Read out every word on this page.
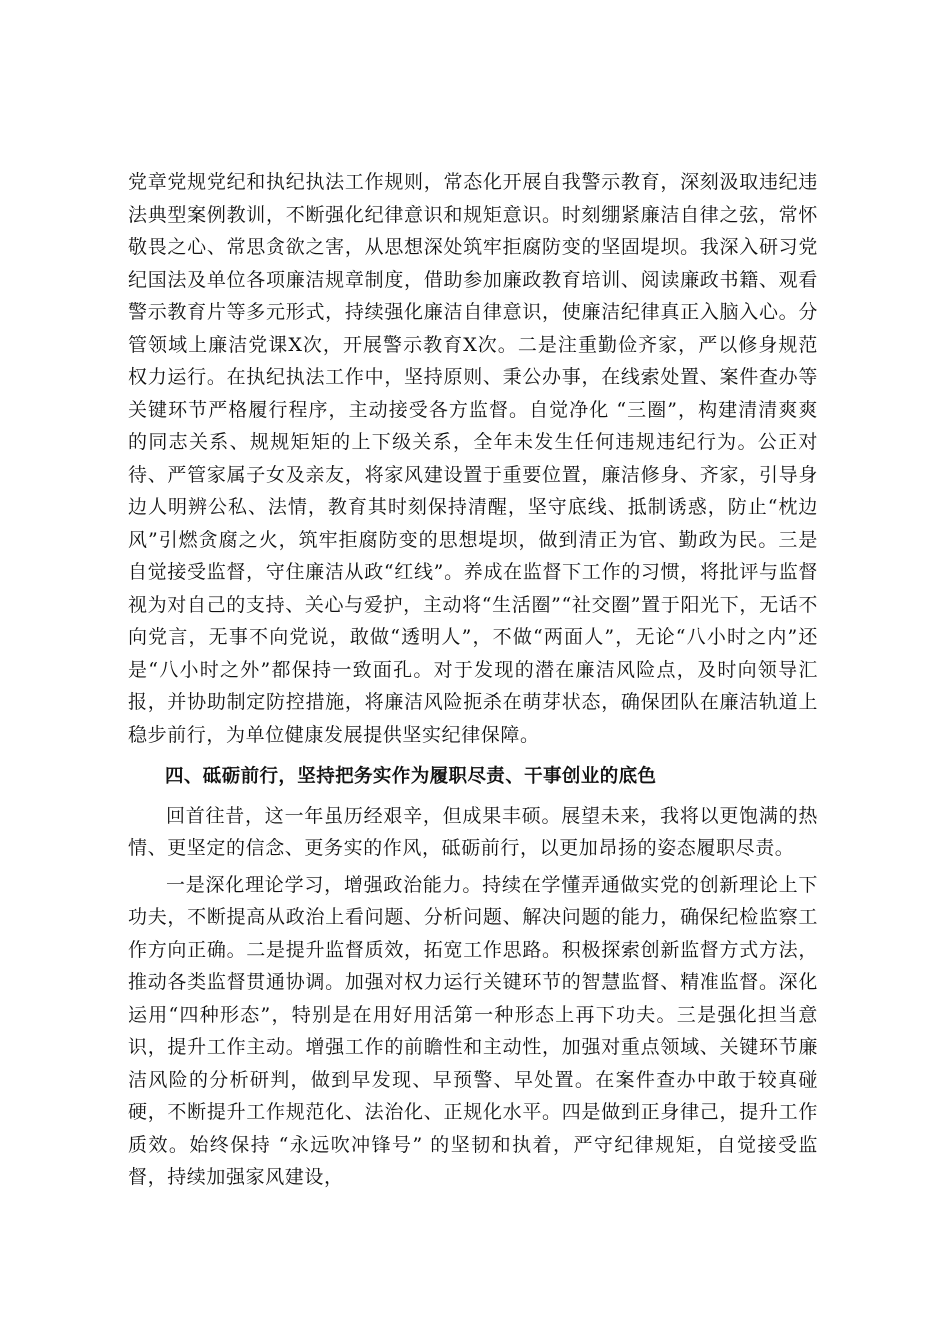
党章党规党纪和执纪执法工作规则，常态化开展自我警示教育，深刻汲取违纪违法典型案例教训，不断强化纪律意识和规矩意识。时刻绷紧廉洁自律之弦，常怀敬畏之心、常思贪欲之害，从思想深处筑牢拒腐防变的坚固堤坝。我深入研习党纪国法及单位各项廉洁规章制度，借助参加廉政教育培训、阅读廉政书籍、观看警示教育片等多元形式，持续强化廉洁自律意识，使廉洁纪律真正入脑入心。分管领域上廉洁党课X次，开展警示教育X次。二是注重勤俭齐家，严以修身规范权力运行。在执纪执法工作中，坚持原则、秉公办事，在线索处置、案件查办等关键环节严格履行程序，主动接受各方监督。自觉净化 “三圈”，构建清清爽爽的同志关系、规规矩矩的上下级关系，全年未发生任何违规违纪行为。公正对待、严管家属子女及亲友，将家风建设置于重要位置，廉洁修身、齐家，引导身边人明辨公私、法情，教育其时刻保持清醒，坚守底线、抵制诱惑，防止“枕边风”引燃贪腐之火，筑牢拒腐防变的思想堤坝，做到清正为官、勤政为民。三是自觉接受监督，守住廉洁从政“红线”。养成在监督下工作的习惯，将批评与监督视为对自己的支持、关心与爱护，主动将“生活圈”“社交圈”置于阳光下，无话不向党言，无事不向党说，敢做“透明人”，不做“两面人”，无论“八小时之内”还是“八小时之外”都保持一致面孔。对于发现的潜在廉洁风险点，及时向领导汇报，并协助制定防控措施，将廉洁风险扼杀在萌芽状态，确保团队在廉洁轨道上稳步前行，为单位健康发展提供坚实纪律保障。

四、砥砺前行，坚持把务实作为履职尽责、干事创业的底色

回首往昔，这一年虽历经艰辛，但成果丰硕。展望未来，我将以更饱满的热情、更坚定的信念、更务实的作风，砥砺前行，以更加昂扬的姿态履职尽责。

一是深化理论学习，增强政治能力。持续在学懂弄通做实党的创新理论上下功夫，不断提高从政治上看问题、分析问题、解决问题的能力，确保纪检监察工作方向正确。二是提升监督质效，拓宽工作思路。积极探索创新监督方式方法，推动各类监督贯通协调。加强对权力运行关键环节的智慧监督、精准监督。深化运用“四种形态”，特别是在用好用活第一种形态上再下功夫。三是强化担当意识，提升工作主动。增强工作的前瞻性和主动性，加强对重点领域、关键环节廉洁风险的分析研判，做到早发现、早预警、早处置。在案件查办中敢于较真碰硬，不断提升工作规范化、法治化、正规化水平。四是做到正身律己，提升工作质效。始终保持 “永远吹冲锋号” 的坚韧和执着，严守纪律规矩，自觉接受监督，持续加强家风建设，
